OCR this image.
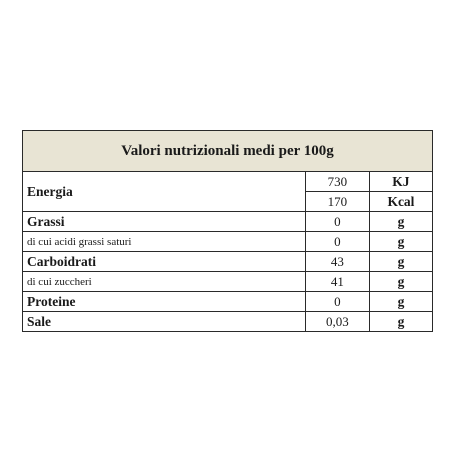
Valori nutrizionali medi per 100g		
Energia	730	KJ
	170	Kcal
Grassi	0	g
di cui acidi grassi saturi	0	g
Carboidrati	43	g
di cui zuccheri	41	g
Proteine	0	g
Sale	0,03	g
